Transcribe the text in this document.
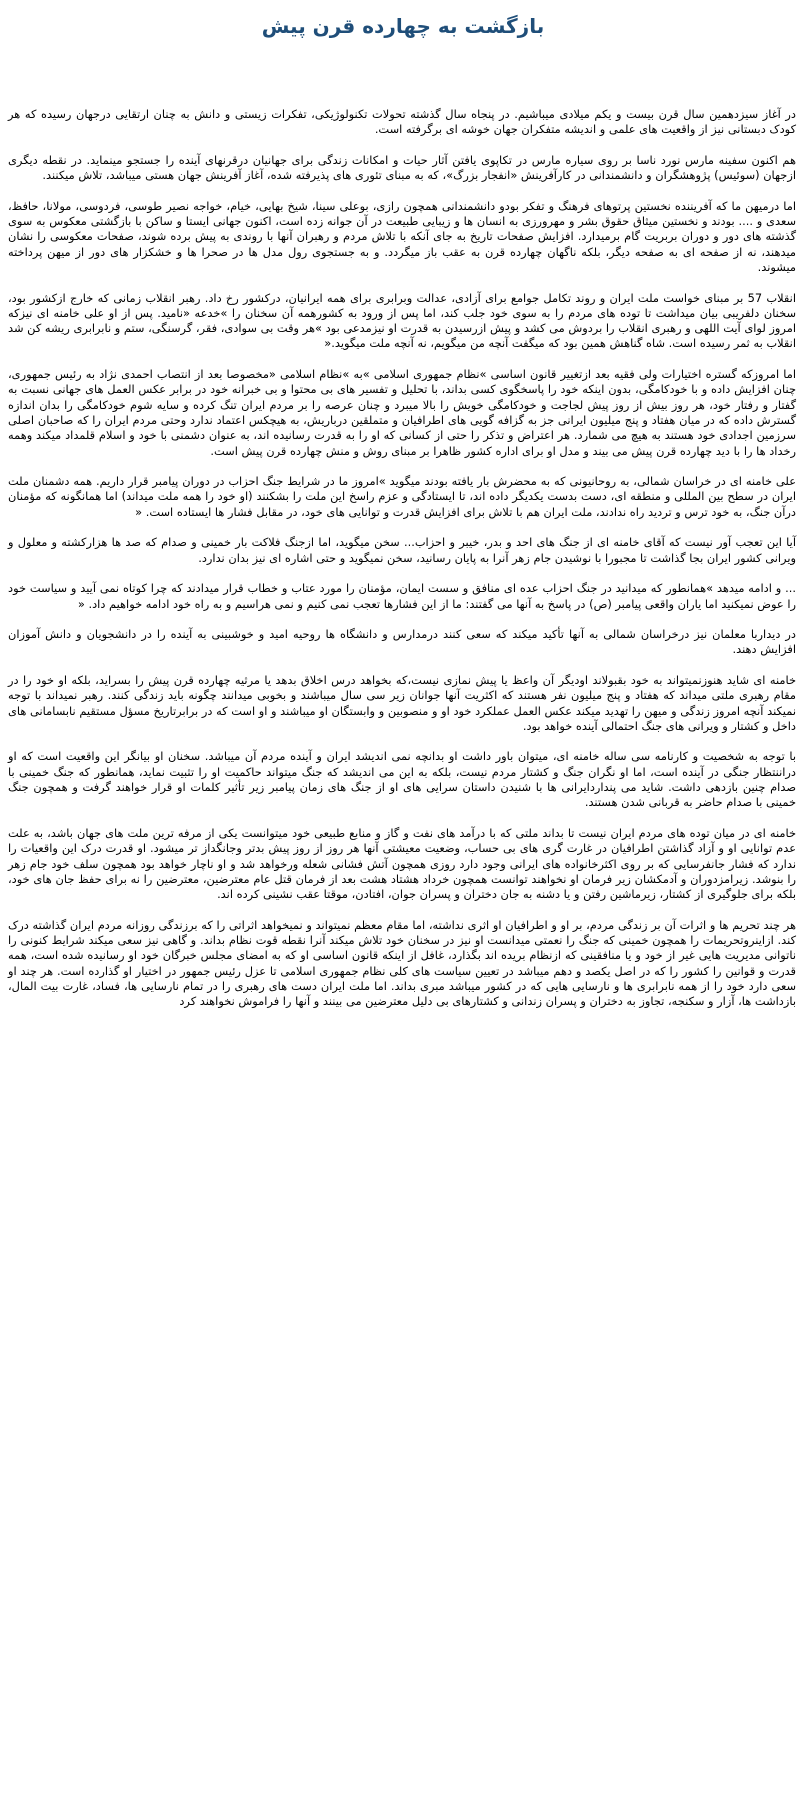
بازگشت به چهارده قرن پیش

در آغاز سیزدهمین سال قرن بیست و یکم میلادی میباشیم. در پنجاه سال گذشته تحولات تکنولوژیکی، تفکرات زیستی و دانش به چنان ارتقایی درجهان رسیده که هر کودک دبستانی نیز از واقعیت های علمی و اندیشه متفکران جهان خوشه ای برگرفته است.

هم اکنون سفینه مارس نورد ناسا بر روی سیاره مارس در تکاپوی یافتن آثار حیات و امکانات زندگی برای جهانیان درقرنهای آینده را جستجو مینماید. در نقطه دیگری ازجهان (سوئیس) پژوهشگران و دانشمندانی در کارآفرینش «انفجار بزرگ»، که به مبنای تئوری های پذیرفته شده، آغاز آفرینش جهان هستی میباشد، تلاش میکنند.

اما درمیهن ما که آفریننده نخستین پرتوهای فرهنگ و تفکر بودو دانشمندانی همچون رازی، بوعلی سینا، شیخ بهایی، خیام، خواجه نصیر طوسی، فردوسی، مولانا، حافظ، سعدی و .... بودند و نخستین میثاق حقوق بشر و مهرورزی به انسان ها و زیبایی طبیعت در آن جوانه زده است، اکنون جهانی ایستا و ساکن با بازگشتی معکوس به سوی گذشته های دور و دوران بربریت گام برمیدارد. افزایش صفحات تاریخ به جای آنکه با تلاش مردم و رهبران آنها با روندی به پیش برده شوند، صفحات معکوسی را نشان میدهند، نه از صفحه ای به صفحه دیگر، بلکه ناگهان چهارده قرن به عقب باز میگردد. و به جستجوی رول مدل ها در صحرا ها و خشکزار های دور از میهن پرداخته میشوند.

انقلاب 57 بر مبنای خواست ملت ایران و روند تکامل جوامع برای آزادی، عدالت وبرابری برای همه ایرانیان، درکشور رخ داد. رهبر انقلاب زمانی که خارج ازکشور بود، سخنان دلفریبی بیان میداشت تا توده های مردم را به سوی خود جلب کند، اما پس از ورود به کشورهمه آن سخنان را »خدعه «نامید. پس از او علی خامنه ای نیزکه امروز لوای آیت اللهی و رهبری انقلاب را بردوش می کشد و پیش ازرسیدن به قدرت او نیزمدعی بود »هر وقت بی سوادی، فقر، گرسنگی، ستم و نابرابری ریشه کن شد انقلاب به ثمر رسیده است. شاه گناهش همین بود که میگفت آنچه من میگویم، نه آنچه ملت میگوید.«

اما امروزکه گستره اختیارات ولی فقیه بعد ازتغییر قانون اساسی »نظام جمهوری اسلامی »به »نظام اسلامی «مخصوصا بعد از انتصاب احمدی نژاد به رئیس جمهوری، چنان افزایش داده و با خودکامگی، بدون اینکه خود را پاسخگوی کسی بداند، با تحلیل و تفسیر های بی محتوا و بی خبرانه خود در برابر عکس العمل های جهانی نسبت به گفتار و رفتار خود، هر روز بیش از روز پیش لجاجت و خودکامگی خویش را بالا میبرد و چنان عرصه را بر مردم ایران تنگ کرده و سایه شوم خودکامگی را بدان اندازه گسترش داده که در میان هفتاد و پنج میلیون ایرانی جز به گزافه گویی های اطرافیان و متملقین درباریش، به هیچکس اعتماد ندارد وحتی مردم ایران را که صاحبان اصلی سرزمین اجدادی خود هستند به هیچ می شمارد. هر اعتراض و تذکر را حتی از کسانی که او را به قدرت رسانیده اند، به عنوان دشمنی با خود و اسلام قلمداد میکند وهمه رخداد ها را با دید چهارده قرن پیش می بیند و مدل او برای اداره کشور ظاهرا بر مبنای روش و منش چهارده قرن پیش است.

علی خامنه ای در خراسان شمالی، به روحانیونی که به محضرش بار یافته بودند میگوید »امروز ما در شرایط جنگ احزاب در دوران پیامبر قرار داریم. همه دشمنان ملت ایران در سطح بین المللی و منطقه ای، دست بدست یکدیگر داده اند، تا ایستادگی و عزم راسخ این ملت را بشکنند (او خود را همه ملت میداند) اما همانگونه که مؤمنان درآن جنگ، به خود ترس و تردید راه ندادند، ملت ایران هم با تلاش برای افزایش قدرت و توانایی های خود، در مقابل فشار ها ایستاده است. «

آیا این تعجب آور نیست که آقای خامنه ای از جنگ های احد و بدر، خیبر و احزاب... سخن میگوید، اما ازجنگ فلاکت بار خمینی و صدام که صد ها هزارکشته و معلول و ویرانی کشور ایران بجا گذاشت تا مجبورا با نوشیدن جام زهر آنرا به پایان رسانید، سخن نمیگوید و حتی اشاره ای نیز بدان ندارد.

... و ادامه میدهد »همانطور که میدانید در جنگ احزاب عده ای منافق و سست ایمان، مؤمنان را مورد عتاب و خطاب قرار میدادند که چرا کوتاه نمی آیید و سیاست خود را عوض نمیکنید اما یاران واقعی پیامبر (ص) در پاسخ به آنها می گفتند: ما از این فشارها تعجب نمی کنیم و نمی هراسیم و به راه خود ادامه خواهیم داد. «

در دیداربا معلمان نیز درخراسان شمالی به آنها تأکید میکند که سعی کنند درمدارس و دانشگاه ها روحیه امید و خوشبینی به آینده را در دانشجویان و دانش آموزان افزایش دهند.

خامنه ای شاید هنوزنمیتواند به خود بقبولاند اودیگر آن واعظ یا پیش نمازی نیست،که بخواهد درس اخلاق بدهد یا مرثیه چهارده قرن پیش را بسراید، بلکه او خود را در مقام رهبری ملتی میداند که هفتاد و پنج میلیون نفر هستند که اکثریت آنها جوانان زیر سی سال میباشند و بخوبی میدانند چگونه باید زندگی کنند. رهبر نمیداند با توجه نمیکند آنچه امروز زندگی و میهن را تهدید میکند عکس العمل عملکرد خود او و منصوبین و وابستگان او میباشند و او است که در برابرتاریخ مسؤل مستقیم نابسامانی های داخل و کشتار و ویرانی های جنگ احتمالی آینده خواهد بود.

با توجه به شخصیت و کارنامه سی ساله خامنه ای، میتوان باور داشت او بدانچه نمی اندیشد ایران و آینده مردم آن میباشد. سخنان او بیانگر این واقعیت است که او دراننتظار جنگی در آینده است، اما او نگران جنگ و کشتار مردم نیست، بلکه به این می اندیشد که جنگ میتواند حاکمیت او را تثبیت نماید، همانطور که جنگ خمینی با صدام چنین بازدهی داشت. شاید می پنداردایرانی ها با شنیدن داستان سرایی های او از جنگ های زمان پیامبر زیر تأثیر کلمات او قرار خواهند گرفت و همچون جنگ خمینی با صدام حاضر به قربانی شدن هستند.

خامنه ای در میان توده های مردم ایران نیست تا بداند ملتی که با درآمد های نفت و گاز و منابع طبیعی خود میتوانست یکی از مرفه ترین ملت های جهان باشد، به علت عدم توانایی او و آزاد گذاشتن اطرافیان در غارت گری های بی حساب، وضعیت معیشتی آنها هر روز از روز پیش بدتر وجانگداز تر میشود. او قدرت درک این واقعیات را ندارد که فشار جانفرسایی که بر روی اکثرخانواده های ایرانی وجود دارد روزی همچون آتش فشانی شعله ورخواهد شد و او ناچار خواهد بود همچون سلف خود جام زهر را بنوشد. زیرامزدوران و آدمکشان زیر فرمان او نخواهند توانست همچون خرداد هشتاد هشت بعد از فرمان قتل عام معترضین، معترضین را نه برای حفظ جان های خود، بلکه برای جلوگیری از کشتار، زیرماشین رفتن و یا دشنه به جان دختران و پسران جوان، افتادن، موقتا عقب نشینی کرده اند.

هر چند تحریم ها و اثرات آن بر زندگی مردم، بر او و اطرافیان او اثری نداشته، اما مقام معظم نمیتواند و نمیخواهد اثراتی را که برزندگی روزانه مردم ایران گذاشته درک کند. ازاینروتحریمات را همچون خمینی که جنگ را نعمتی میدانست او نیز در سخنان خود تلاش میکند آنرا نقطه قوت نظام بداند. و گاهی نیز سعی میکند شرایط کنونی را ناتوانی مدیریت هایی غیر از خود و یا منافقینی که ازنظام بریده اند بگذارد، غافل از اینکه قانون اساسی او که به امضای مجلس خبرگان خود او رسانیده شده است، همه قدرت و قوانین را کشور را که در اصل یکصد و دهم میباشد در تعیین سیاست های کلی نظام جمهوری اسلامی تا عزل رئیس جمهور در اختیار او گذارده است. هر چند او سعی دارد خود را از همه نابرابری ها و نارسایی هایی که در کشور میباشد مبری بداند. اما ملت ایران دست های رهبری را در تمام نارسایی ها، فساد، غارت بیت المال، بازداشت ها، آزار و سکنجه، تجاوز به دختران و پسران زندانی و کشتارهای بی دلیل معترضین می بینند و آنها را فراموش نخواهند کرد
